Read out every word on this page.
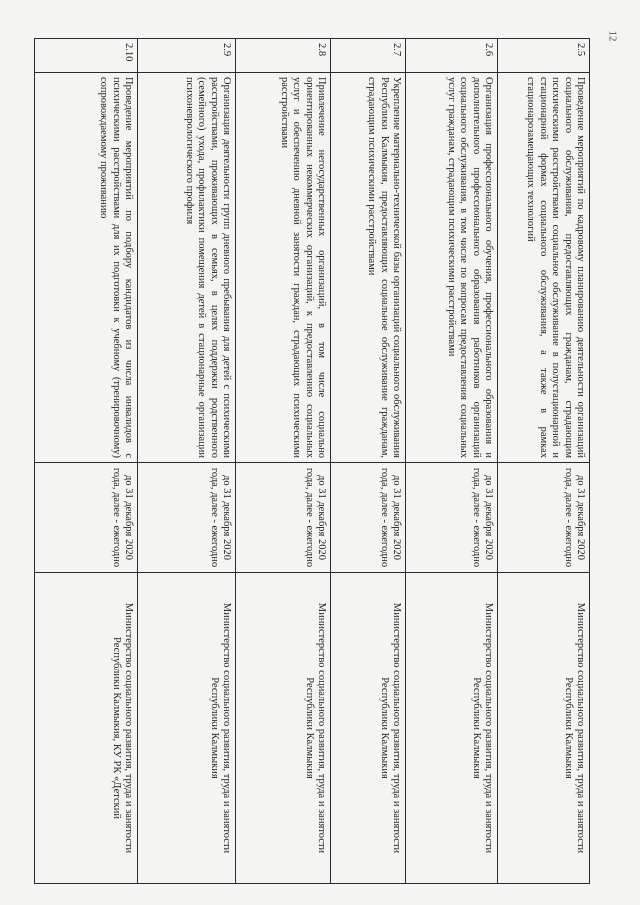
12
2.5	Проведение мероприятий по кадровому планированию деятельности организаций социального обслуживания, предоставляющих гражданам, страдающим психическими расстройствами социальное обслуживание в полустационарной и стационарной формах социального обслуживания, а также в рамках стационарозамещающих технологий	до 31 декабря 2020 года, далее - ежегодно	Министерство социального развития, труда и занятости Республики Калмыкия
2.6	Организация профессионального обучения, профессионального образования и дополнительного профессионального образования работников организаций социального обслуживания, в том числе по вопросам предоставления социальных услуг гражданам, страдающим психическими расстройствами	до 31 декабря 2020 года, далее - ежегодно	Министерство социального развития, труда и занятости Республики Калмыкия
2.7	Укрепление материально-технической базы организаций социального обслуживания Республики Калмыкия, предоставляющих социальное обслуживание гражданам, страдающим психическими расстройствами	до 31 декабря 2020 года, далее - ежегодно	Министерство социального развития, труда и занятости Республики Калмыкия
2.8	Привлечение негосударственных организаций, в том числе социально ориентированных некоммерческих организаций, к предоставлению социальных услуг и обеспечению дневной занятости граждан, страдающих психическими расстройствами	до 31 декабря 2020 года, далее - ежегодно	Министерство социального развития, труда и занятости Республики Калмыкия
2.9	Организация деятельности групп дневного пребывания для детей с психическими расстройствами, проживающих в семьях, в целях поддержки родственного (семейного) ухода, профилактики помещения детей в стационарные организации психоневрологического профиля	до 31 декабря 2020 года, далее - ежегодно	Министерство социального развития, труда и занятости Республики Калмыкия
2.10	Проведение мероприятий по подбору кандидатов из числа инвалидов с психическими расстройствами для их подготовки к учебному (тренировочному) сопровождаемому проживанию	до 31 декабря 2020 года, далее - ежегодно	Министерство социального развития, труда и занятости Республики Калмыкия, КУ РК «Детский
